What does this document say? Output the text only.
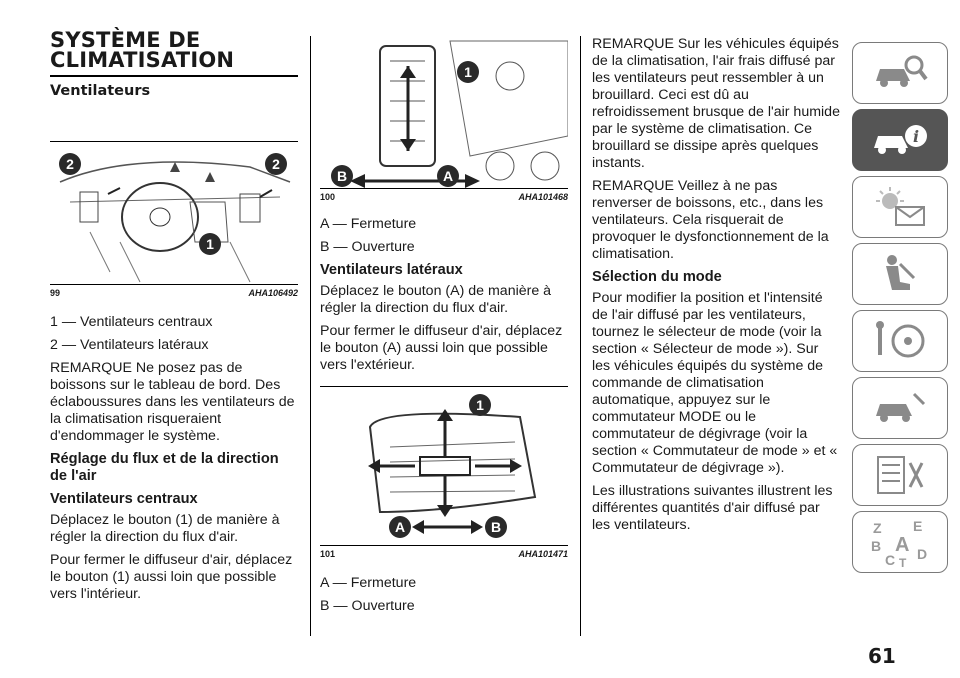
SYSTÈME DE
CLIMATISATION
Ventilateurs
2	2
1
99	AHA106492

1 — Ventilateurs centraux

2 — Ventilateurs latéraux

REMARQUE Ne posez pas de boissons sur le tableau de bord. Des éclaboussures dans les ventilateurs de la climatisation risqueraient d'endommager le système.

Réglage du flux et de la direction de l'air
Ventilateurs centraux

Déplacez le bouton (1) de manière à régler la direction du flux d'air.

Pour fermer le diffuseur d'air, déplacez le bouton (1) aussi loin que possible vers l'intérieur.

1
B	A
100	AHA101468

A — Fermeture

B — Ouverture

Ventilateurs latéraux

Déplacez le bouton (A) de manière à régler la direction du flux d'air.

Pour fermer le diffuseur d'air, déplacez le bouton (A) aussi loin que possible vers l'extérieur.

1
A	B
101	AHA101471

A — Fermeture

B — Ouverture

REMARQUE Sur les véhicules équipés de la climatisation, l'air frais diffusé par les ventilateurs peut ressembler à un brouillard. Ceci est dû au refroidissement brusque de l'air humide par le système de climatisation. Ce brouillard se dissipe après quelques instants.

REMARQUE Veillez à ne pas renverser de boissons, etc., dans les ventilateurs. Cela risquerait de provoquer le dysfonctionnement de la climatisation.

Sélection du mode

Pour modifier la position et l'intensité de l'air diffusé par les ventilateurs, tournez le sélecteur de mode (voir la section « Sélecteur de mode »). Sur les véhicules équipés du système de commande de climatisation automatique, appuyez sur le commutateur MODE ou le commutateur de dégivrage (voir la section « Commutateur de mode » et « Commutateur de dégivrage »).

Les illustrations suivantes illustrent les différentes quantités d'air diffusé par les ventilateurs.

i
Z E
B A
C D
T
61
